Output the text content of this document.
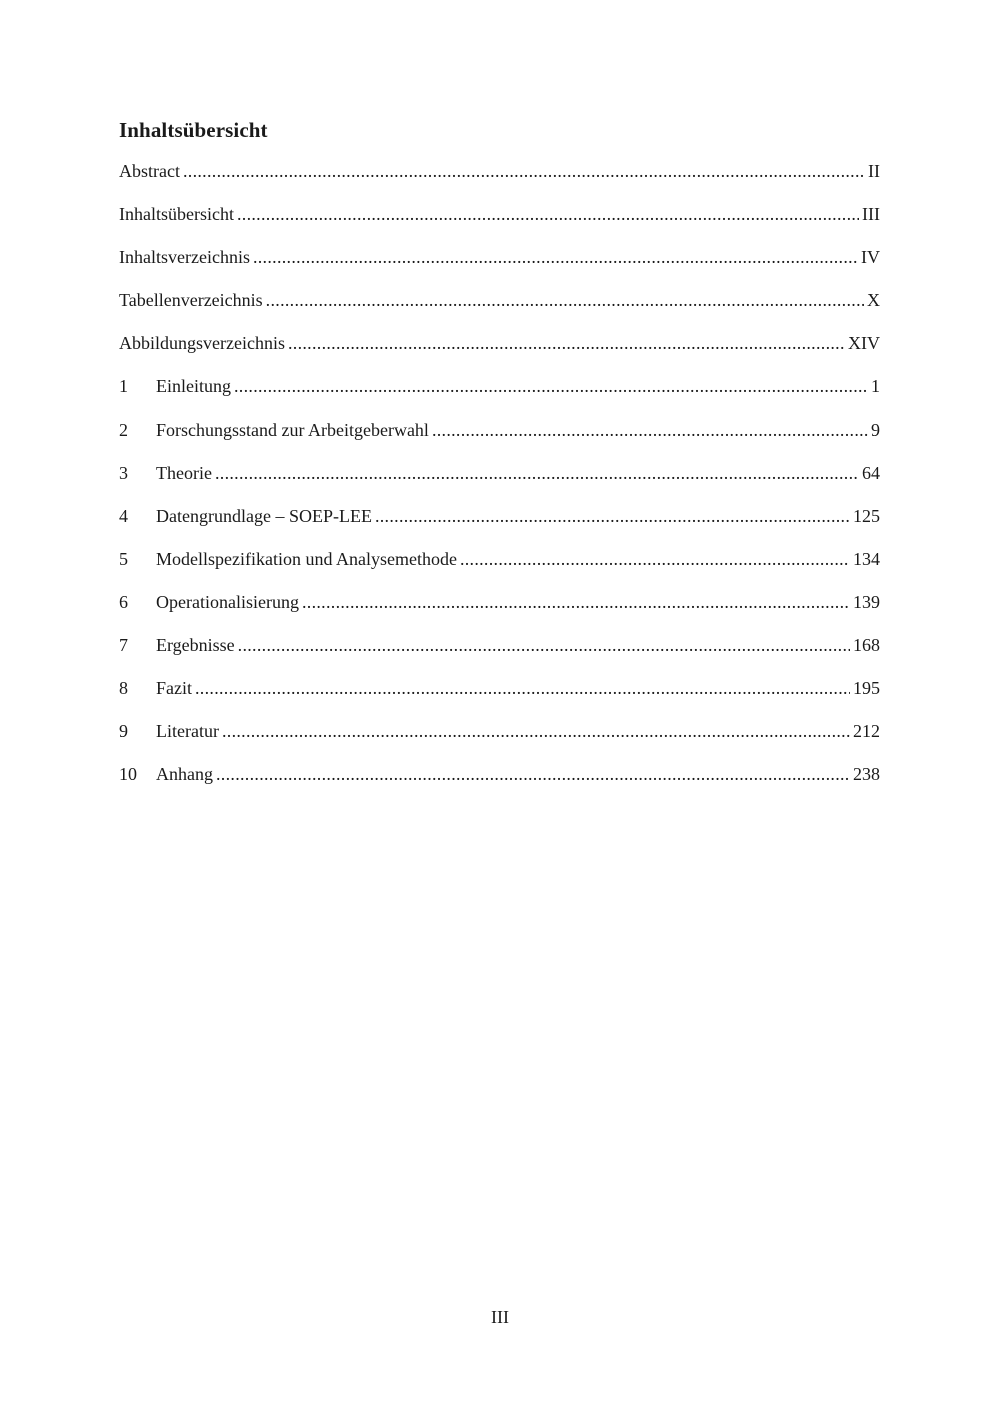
Inhaltsübersicht
Abstract .....	II
Inhaltsübersicht .....	III
Inhaltsverzeichnis .....	IV
Tabellenverzeichnis .....	X
Abbildungsverzeichnis .....	XIV
1	Einleitung .....	1
2	Forschungsstand zur Arbeitgeberwahl .....	9
3	Theorie .....	64
4	Datengrundlage – SOEP-LEE .....	125
5	Modellspezifikation und Analysemethode .....	134
6	Operationalisierung .....	139
7	Ergebnisse .....	168
8	Fazit .....	195
9	Literatur .....	212
10	Anhang .....	238
III
